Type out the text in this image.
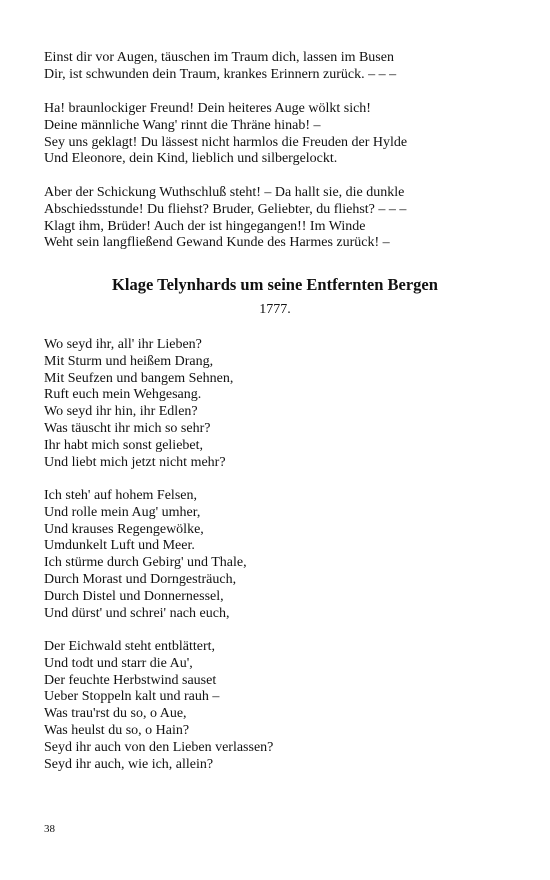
Einst dir vor Augen, täuschen im Traum dich, lassen im Busen
Dir, ist schwunden dein Traum, krankes Erinnern zurück. – – –
Ha! braunlockiger Freund! Dein heiteres Auge wölkt sich!
Deine männliche Wang' rinnt die Thräne hinab! –
Sey uns geklagt! Du lässest nicht harmlos die Freuden der Hylde
Und Eleonore, dein Kind, lieblich und silbergelockt.
Aber der Schickung Wuthschluß steht! – Da hallt sie, die dunkle
Abschiedsstunde! Du fliehst? Bruder, Geliebter, du fliehst? – – –
Klagt ihm, Brüder! Auch der ist hingegangen!! Im Winde
Weht sein langfließend Gewand Kunde des Harmes zurück! –
Klage Telynhards um seine Entfernten Bergen
1777.
Wo seyd ihr, all' ihr Lieben?
Mit Sturm und heißem Drang,
Mit Seufzen und bangem Sehnen,
Ruft euch mein Wehgesang.
Wo seyd ihr hin, ihr Edlen?
Was täuscht ihr mich so sehr?
Ihr habt mich sonst geliebet,
Und liebt mich jetzt nicht mehr?
Ich steh' auf hohem Felsen,
Und rolle mein Aug' umher,
Und krauses Regengewölke,
Umdunkelt Luft und Meer.
Ich stürme durch Gebirg' und Thale,
Durch Morast und Dorngesträuch,
Durch Distel und Donnernessel,
Und dürst' und schrei' nach euch,
Der Eichwald steht entblättert,
Und todt und starr die Au',
Der feuchte Herbstwind sauset
Ueber Stoppeln kalt und rauh –
Was trau'rst du so, o Aue,
Was heulst du so, o Hain?
Seyd ihr auch von den Lieben verlassen?
Seyd ihr auch, wie ich, allein?
38
